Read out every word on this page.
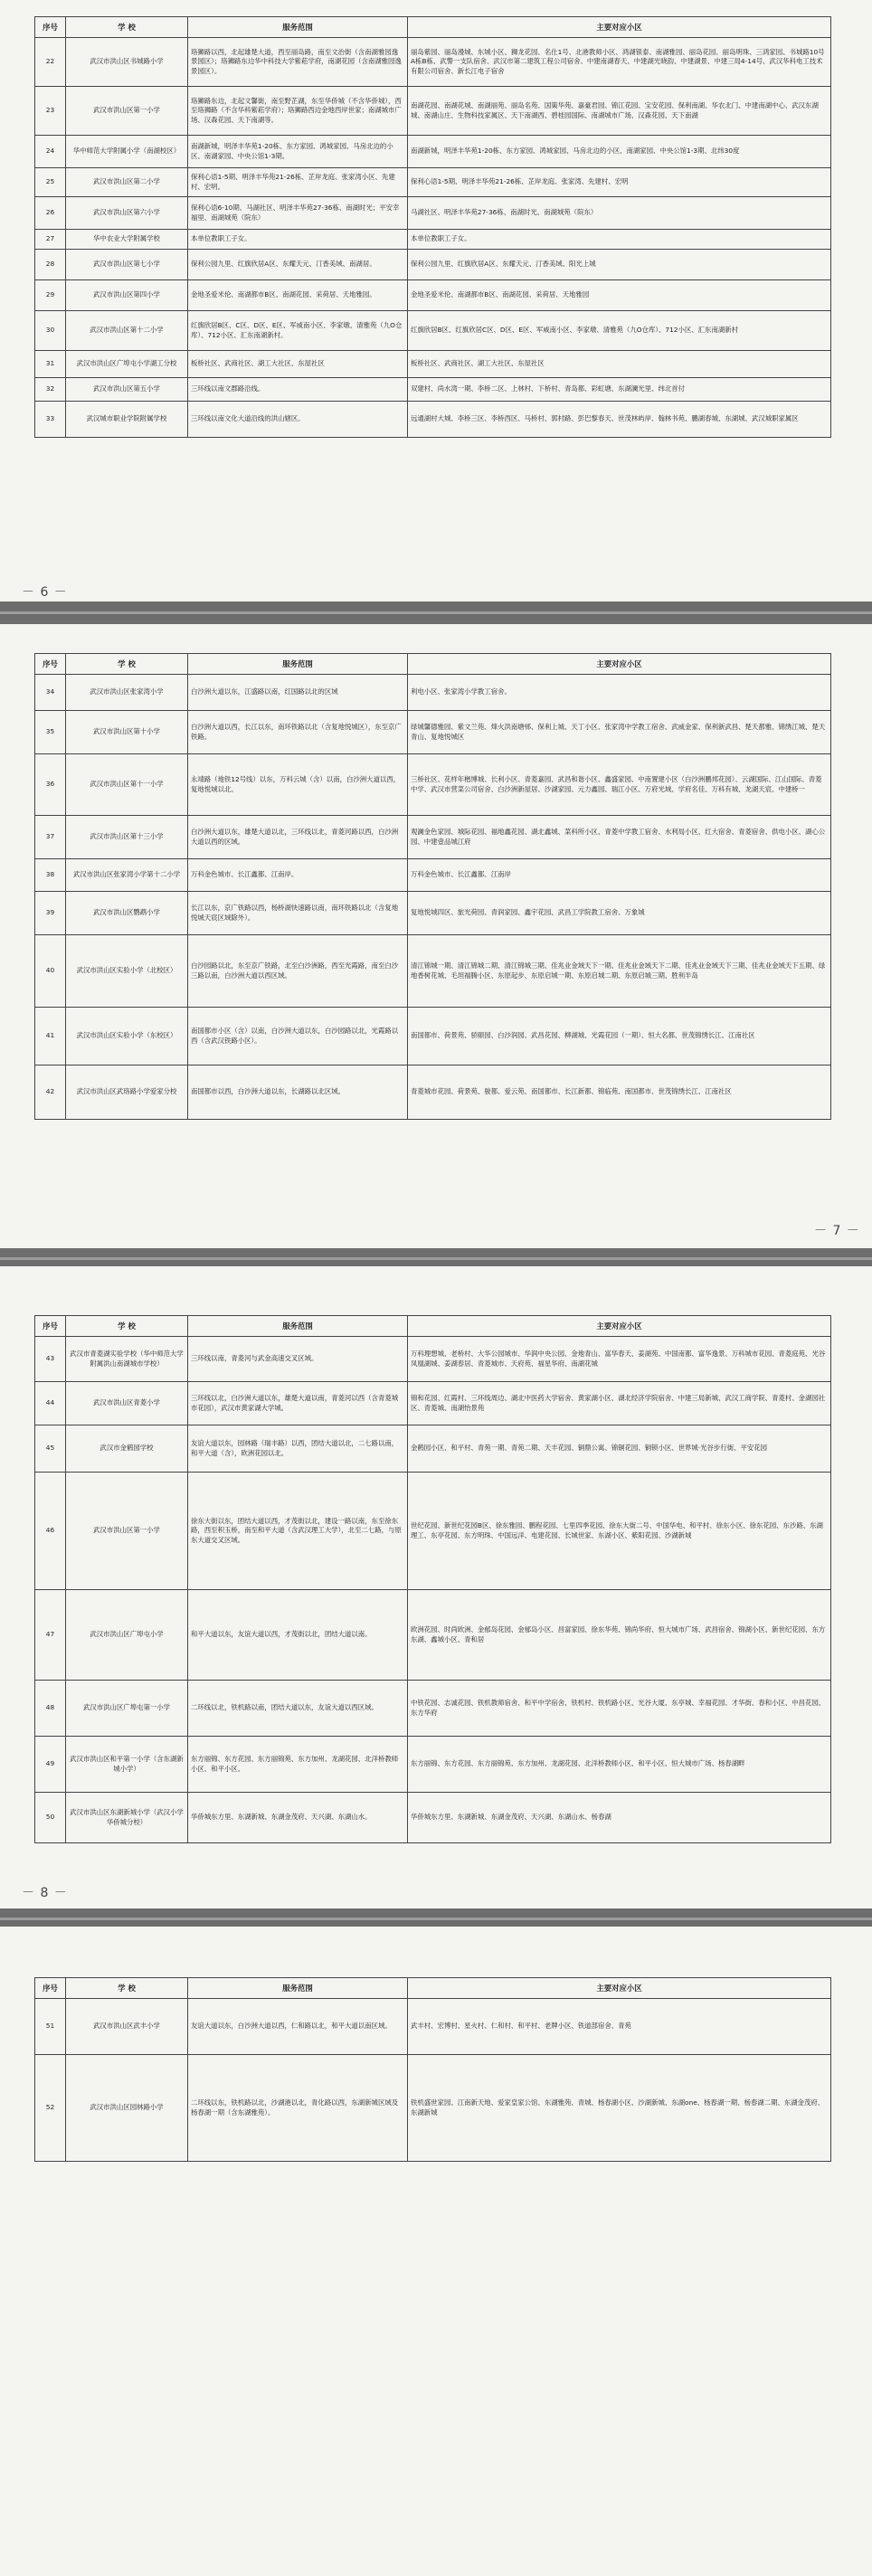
序号	学 校	服务范围	主要对应小区
22	武汉市洪山区书城路小学	珞狮路以西，北起雄楚大道，西至丽岛路，南至文治街（含南湖雅园逸景园区）；珞狮路东边华中科技大学紫菘学府，南湖花园（含南湖雅园逸景园区）。	丽岛紫园、丽岛漫城、东城小区、狮龙花园、名仕1号、北港教师小区、鸿湖银泰、南湖雅园、丽岛花园、丽岛明珠、三鸿家园、书城路10号A栋B栋、武警一支队宿舍、武汉市第二建筑工程公司宿舍、中建南湖春天、中建湖光晓韵、中建湖景、中建三局4-14号、武汉华科电工技术有限公司宿舍、新长江电子宿舍
23	武汉市洪山区第一小学	珞狮路东边，北起文馨街，南至野芷湖，东至华侨城（不含华侨城），西至珞狮路（不含华科紫菘学府）；珞狮路西边金地西岸世家；南湖城市广场、汉森花园、天下南湖等。	南湖花园、南湖花城、南湖丽苑、丽岛名苑、国策华苑、嘉豪君园、锦江花园、宝安花园、保利南湖、华农北门、中建南湖中心、武汉东湖城、南湖山庄、生物科技家属区、天下南湖西、碧桂园国际、南湖城市广场、汉森花园、天下南湖
24	华中师范大学附属小学（南湖校区）	南湖新城，明泽丰华苑1-20栋、东方家园、鸿城家园、马房北边的小区、南湖家园、中央公馆1-3期。	南湖新城，明泽丰华苑1-20栋、东方家园、鸿城家园、马房北边的小区、南湖家园、中央公馆1-3期、北纬30度
25	武汉市洪山区第二小学	保利心语1-5期、明泽丰华苑21-26栋、芷岸龙庭、张家湾小区、先建村、宏明。	保利心语1-5期、明泽丰华苑21-26栋、芷岸龙庭、张家湾、先建村、宏明
26	武汉市洪山区第六小学	保利心语6-10期、马湖社区、明泽丰华苑27-36栋、南湖时光；平安幸福里、南湖城苑（院东）	马湖社区、明泽丰华苑27-36栋、南湖时光、南湖城苑（院东）
27	华中农业大学附属学校	本单位教职工子女。	本单位教职工子女。
28	武汉市洪山区第七小学	保利公园九里、红旗欣居A区、东耀天元、汀香美域、南湖居。	保利公园九里、红旗欣居A区、东耀天元、汀香美域、阳光上城
29	武汉市洪山区第四小学	金地圣爱米伦、南湖都市B区、南湖花园、采荷居、天地雅园。	金地圣爱米伦、南湖都市B区、南湖花园、采荷居、天地雅园
30	武汉市洪山区第十二小学	红旗欣居B区、C区、D区、E区、军威南小区、李家墩、清雅苑（九O仓库）、712小区、汇东南湖新村。	红旗欣居B区、红旗欣居C区、D区、E区、军威南小区、李家墩、清雅苑（九O仓库）、712小区、汇东南湖新村
31	武汉市洪山区广埠屯小学湖工分校	板桥社区、武商社区、湖工大社区、东屋社区	板桥社区、武商社区、湖工大社区、东屋社区
32	武汉市洪山区第五小学	三环线以南文郡路沿线。	双建村、尚水湾一期、李桥二区、上林村、下桥村、青岛都、彩虹塘、东湖澜光里、纬北首付
33	武汉城市职业学院附属学校	三环线以南文化大道沿线的洪山辖区。	远通湖村大城、李桥三区、李桥西区、马桥村、郭村路、彭巴黎春天、世茂林屿岸、翰林书苑、鹏湖春城、东湖城、武汉城职家属区
－ 6 －
序号	学 校	服务范围	主要对应小区
34	武汉市洪山区张家湾小学	白沙洲大道以东，江盛路以南，红国路以北的区域	利电小区、张家湾小学教工宿舍。
35	武汉市洪山区第十小学	白沙洲大道以西，长江以东，南环铁路以北（含复地悦城区），东至京广铁路。	绿城馨德雅园、紫文兰苑、烽火洪南塘邨、保利上城、天丁小区、张家湾中学教工宿舍、武威金家、保利新武昌、楚天都雅、锦绣江城、楚天青山、复地悦城区
36	武汉市洪山区第十一小学	永靖路（地铁12号线）以东，万科云城（含）以南，白沙洲大道以西，复地悦城以北。	三桥社区、花样年楷博城、长利小区、青菱嘉园、武昌和谐小区、鑫盛家园、中南置建小区（白沙洲鹏邦花园）、云湖国际、江山国际、青菱中学、武汉市营菜公司宿舍、白沙洲新屋居、沙湖家园、元力鑫园、瑞江小区、万府光域、学府名佳、万科有城、龙湖天宸、中建桥一
37	武汉市洪山区第十三小学	白沙洲大道以东，雄楚大道以北，三环线以北，青菱河路以西，白沙洲大道以西的区域。	观澜金色家园、城际花园、福地鑫花园、湖北鑫城、菜科所小区、青菱中学教工宿舍、水利局小区、红大宿舍、青菱宿舍、供电小区、湖心公园、中建壹品城江府
38	武汉市洪山区张家湾小学第十二小学	万科金色城市、长江鑫都、江南岸。	万科金色城市、长江鑫都、江南岸
39	武汉市洪山区鹦鹉小学	长江以东，京广铁路以西，杨桥湖快速路以南，南环铁路以北（含复地悦城天宸区域除外）。	复地悦城四区、旅光荷园、青润家园、鑫宇花园、武昌工学院教工宿舍、万象城
40	武汉市洪山区实验小学（北校区）	白沙园路以北，东至京广铁路，北至白沙洲路，西至光霞路，南至白沙三路以南，白沙洲大道以西区域。	清江锦城一期、清江锦城二期、清江锦城三期、佳兆业金域天下一期、佳兆业金域天下二期、佳兆业金域天下三期、佳兆业金域天下五期、绿地香树花城、毛坦福腾小区、东原起步、东原启城一期、东原启城二期、东原启城三期、胜利半岛
41	武汉市洪山区实验小学（东校区）	南国都市小区（含）以南，白沙洲大道以东，白沙园路以北，光霞路以西（含武汉铁路小区）。	南国都市、荷景苑、骄颐园、白沙润园、武昌花园、柳湖城、光霞花园（一期）、恒大名都、世茂锦绣长江、江南社区
42	武汉市洪山区武珞路小学爱家分校	南国都市以西，白沙洲大道以东，长湖路以北区域。	青菱城市花园、荷景苑、骏都、爱云苑、南国都市、长江新都、锦临苑、南国都市、世茂锦绣长江、江南社区
－ 7 －
序号	学 校	服务范围	主要对应小区
43	武汉市青菱湖实验学校（华中师范大学附属洪山南湖城市学校）	三环线以南，青菱河与武金高速交叉区域。	万科理想城、老桥村、大华公园城市、华润中央公园、金地青山、富华春天、姜湖苑、中国南都、富华逸景、万科城市花园、青菱庭苑、光谷凤凰湖城、姜湖春居、青菱城市、天府苑、福星华府、南湖花城
44	武汉市洪山区青菱小学	三环线以北，白沙洲大道以东，雄楚大道以南，青菱河以西（含青菱城市花园），武汉市黄家湖大学城。	锦和花园、红霞村、三环线周边、湖北中医药大学宿舍、黄家湖小区、湖北经济学院宿舍、中建三局新城、武汉工商学院、青菱村、金湖园社区、青菱城、南湖怡景苑
45	武汉市金鹤园学校	友谊大道以东，园林路（瑞丰路）以西，团结大道以北，二七路以南，和平大道（含），欧洲花园以北。	金鹤园小区、和平村、青苑一期、青苑二期、天丰花园、铜鼎公寓、锦铜花园、铜锁小区、世界城·光谷步行街、平安花园
46	武汉市洪山区第一小学	徐东大街以东，团结大道以西，才茂街以北，建设一路以南，东至徐东路，西至积玉桥，南至和平大道（含武汉理工大学），北至二七路，与原东大道交叉区域。	世纪花园、新世纪花园B区、徐东雅园、鹏程花园、七里四季花园、徐东大街二号、中国华电、和平村、徐东小区、徐东花园、东沙路、东湖理工、东亭花园、东方明珠、中国远洋、电建花园、长城世家、东湖小区、紫阳花园、沙湖新城
47	武汉市洪山区广埠屯小学	和平大道以东，友谊大道以西，才茂街以北，团结大道以南。	欧洲花园、时尚欧洲、金郁岛花园、金郁岛小区、昌富家园、徐东华苑、锦尚华府、恒大城市广场、武昌宿舍、锦湖小区、新世纪花园、东方东湖、鑫城小区、青和居
48	武汉市洪山区广埠屯第一小学	二环线以北，铁机路以南，团结大道以东，友谊大道以西区域。	中铁花园、志诚花园、铁机教师宿舍、和平中学宿舍、铁机村、铁机路小区、光谷大厦、东亭城、幸福花园、才华街、春和小区、中昌花园、东方华府
49	武汉市洪山区和平第一小学（含东湖新城小学）	东方丽锦、东方花园、东方丽锦苑、东方加州、龙湖花园、北洋桥教师小区、和平小区。	东方丽锦、东方花园、东方丽锦苑、东方加州、龙湖花园、北洋桥教师小区、和平小区、恒大城市广场、杨春湖畔
50	武汉市洪山区东湖新城小学（武汉小学华侨城分校）	华侨城东方里、东湖新城、东湖金茂府、天兴湖、东湖山水。	华侨城东方里、东湖新城、东湖金茂府、天兴湖、东湖山水、杨春湖
－ 8 －
序号	学 校	服务范围	主要对应小区
51	武汉市洪山区武丰小学	友谊大道以东，白沙洲大道以西，仁和路以北，和平大道以南区域。	武丰村、宏博村、星火村、仁和村、和平村、老牌小区、铁道部宿舍、青苑
52	武汉市洪山区园林路小学	二环线以东，铁机路以北，沙湖港以北，青化路以西，东湖新城区域及杨春湖一期（含东湖雅苑）。	铁机盛世家园、江南新天地、爱家皇家公馆、东湖雅苑、青城、杨春湖小区、沙湖新城、东湖one、杨春湖一期、杨春湖二期、东湖金茂府、东湖新城
